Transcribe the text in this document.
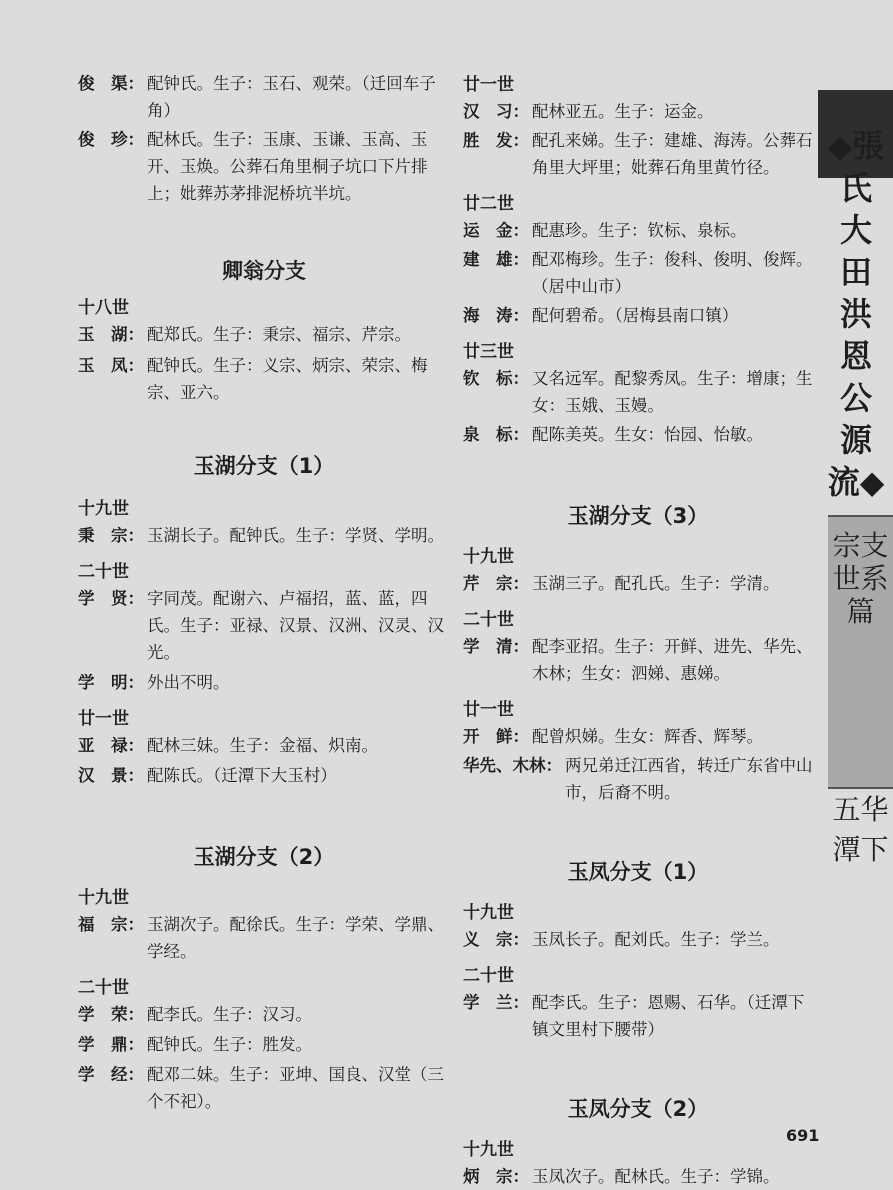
俊　渠： 配钟氏。生子：玉石、观荣。（迁回车子角）
俊　珍： 配林氏。生子：玉康、玉谦、玉高、玉开、玉焕。公葬石角里桐子坑口下片排上；妣葬苏茅排泥桥坑半坑。
卿翁分支
十八世
玉　湖： 配郑氏。生子：秉宗、福宗、芹宗。
玉　凤： 配钟氏。生子：义宗、炳宗、荣宗、梅宗、亚六。
玉湖分支（1）
十九世
秉　宗： 玉湖长子。配钟氏。生子：学贤、学明。
二十世
学　贤： 字同茂。配谢六、卢福招，蓝、蓝，四氏。生子：亚禄、汉景、汉洲、汉灵、汉光。
学　明： 外出不明。
廿一世
亚　禄： 配林三妹。生子：金福、炽南。
汉　景： 配陈氏。（迁潭下大玉村）
玉湖分支（2）
十九世
福　宗： 玉湖次子。配徐氏。生子：学荣、学鼎、学经。
二十世
学　荣： 配李氏。生子：汉习。
学　鼎： 配钟氏。生子：胜发。
学　经： 配邓二妹。生子：亚坤、国良、汉堂（三个不祀）。
廿一世
汉　习： 配林亚五。生子：运金。
胜　发： 配孔来娣。生子：建雄、海涛。公葬石角里大坪里；妣葬石角里黄竹径。
廿二世
运　金： 配惠珍。生子：钦标、泉标。
建　雄： 配邓梅珍。生子：俊科、俊明、俊辉。（居中山市）
海　涛： 配何碧希。（居梅县南口镇）
廿三世
钦　标： 又名远军。配黎秀凤。生子：增康；生女：玉娥、玉嫚。
泉　标： 配陈美英。生女：怡园、怡敏。
玉湖分支（3）
十九世
芹　宗： 玉湖三子。配孔氏。生子：学清。
二十世
学　清： 配李亚招。生子：开鲜、进先、华先、木林；生女：泗娣、惠娣。
廿一世
开　鲜： 配曾炽娣。生女：辉香、辉琴。
华先、木林： 两兄弟迁江西省，转迁广东省中山市，后裔不明。
玉凤分支（1）
十九世
义　宗： 玉凤长子。配刘氏。生子：学兰。
二十世
学　兰： 配李氏。生子：恩赐、石华。（迁潭下镇文里村下腰带）
玉凤分支（2）
十九世
炳　宗： 玉凤次子。配林氏。生子：学锦。
◆張氏大田洪恩公源流◆
宗支世系篇
五华潭下
691
